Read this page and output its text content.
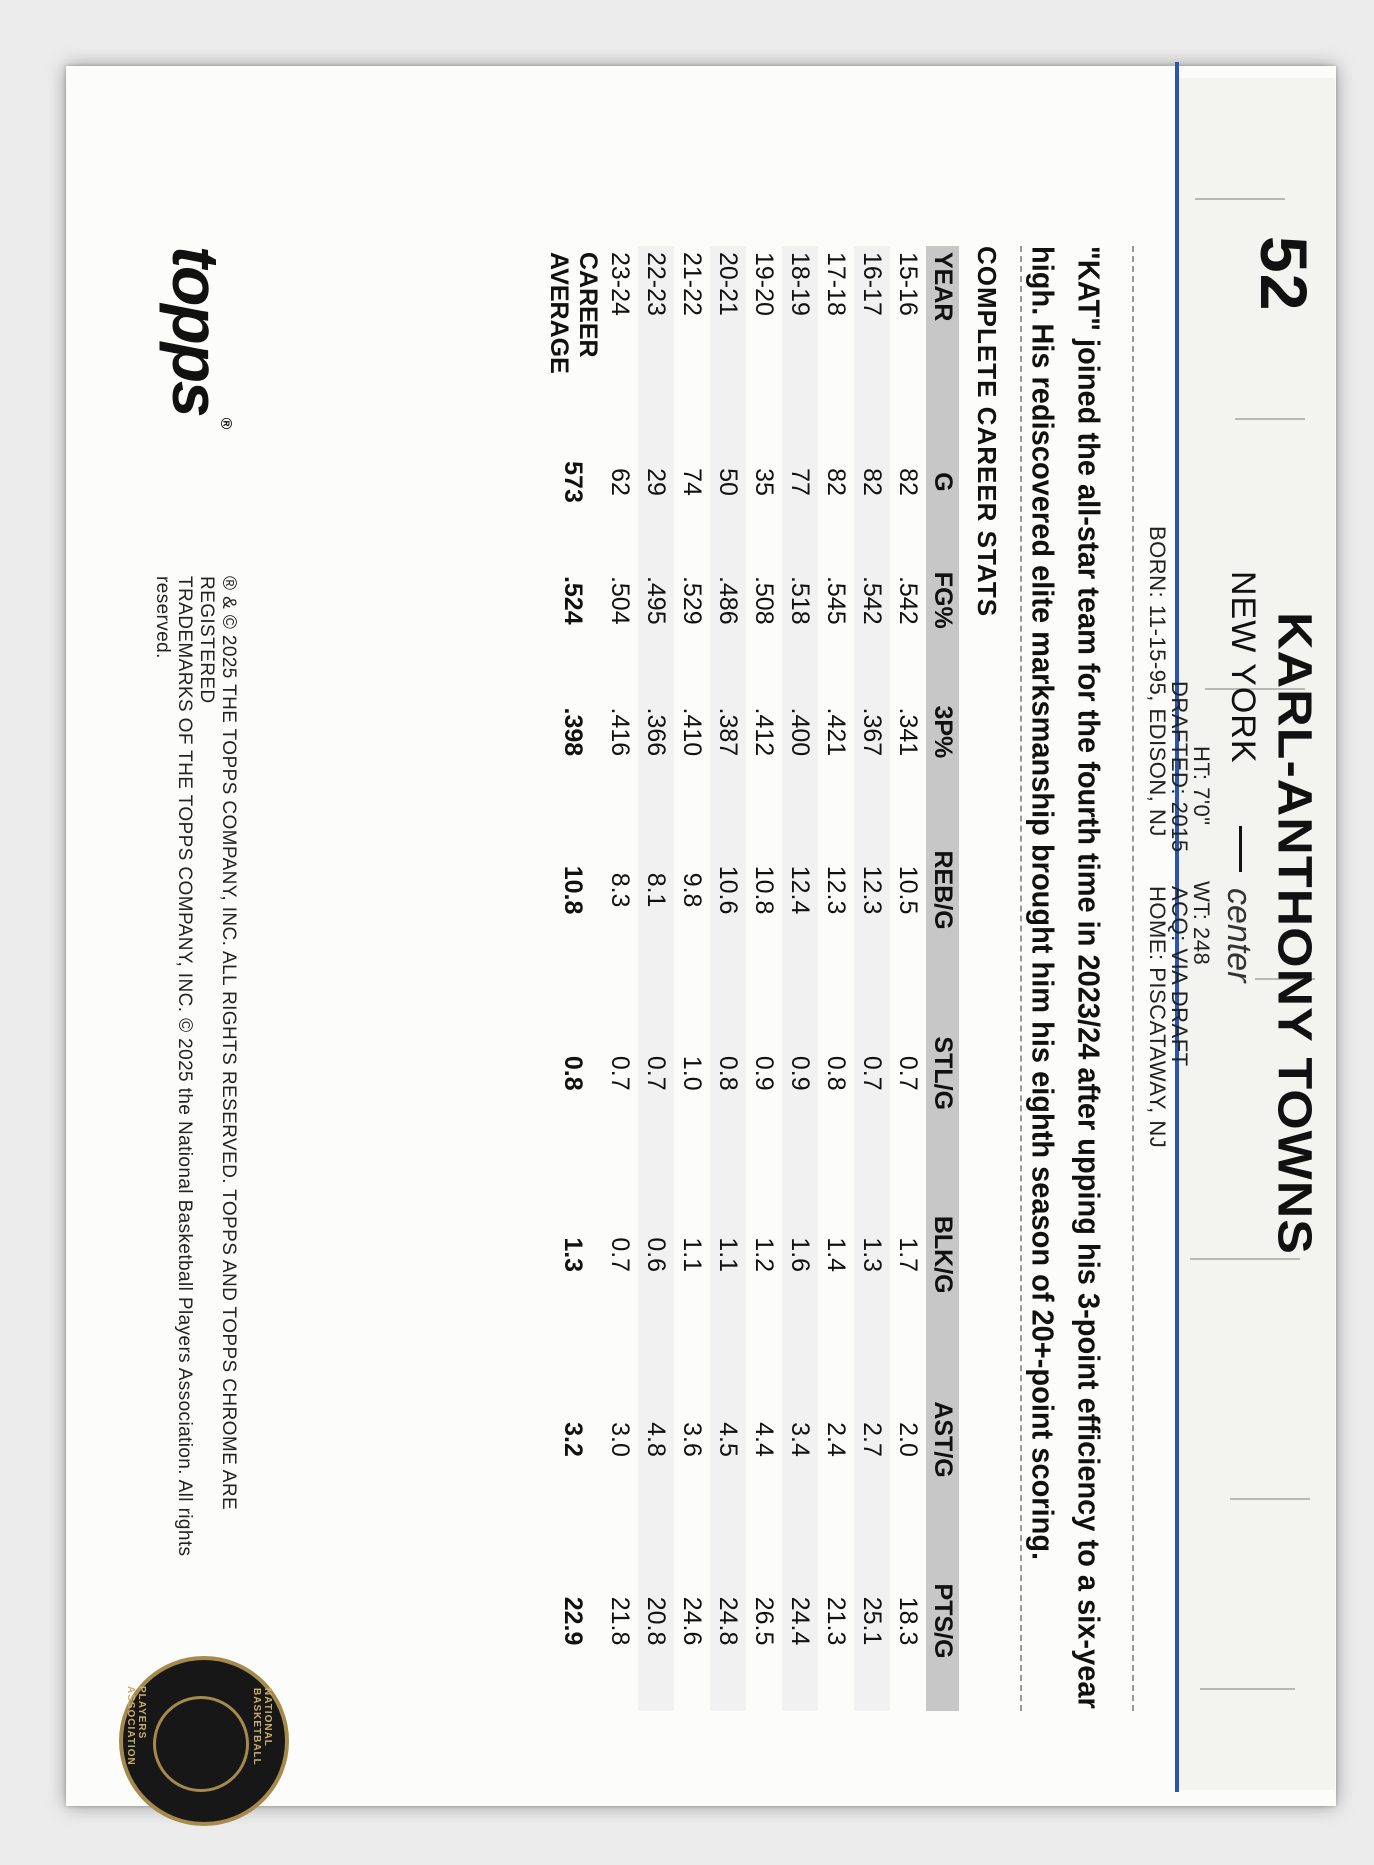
52
KARL-ANTHONY TOWNS
NEW YORK
center
HT: 7'0"
WT: 248
DRAFTED: 2015
ACQ: VIA DRAFT
BORN: 11-15-95, EDISON, NJ
HOME: PISCATAWAY, NJ
"KAT" joined the all-star team for the fourth time in 2023/24 after upping his 3-point efficiency to a six-year high. His rediscovered elite marksmanship brought him his eighth season of 20+-point scoring.
COMPLETE CAREER STATS
YEAR	G	FG%	3P%	REB/G	STL/G	BLK/G	AST/G	PTS/G
15-16	82	.542	.341	10.5	0.7	1.7	2.0	18.3
16-17	82	.542	.367	12.3	0.7	1.3	2.7	25.1
17-18	82	.545	.421	12.3	0.8	1.4	2.4	21.3
18-19	77	.518	.400	12.4	0.9	1.6	3.4	24.4
19-20	35	.508	.412	10.8	0.9	1.2	4.4	26.5
20-21	50	.486	.387	10.6	0.8	1.1	4.5	24.8
21-22	74	.529	.410	9.8	1.0	1.1	3.6	24.6
22-23	29	.495	.366	8.1	0.7	0.6	4.8	20.8
23-24	62	.504	.416	8.3	0.7	0.7	3.0	21.8
CAREER AVERAGE	573	.524	.398	10.8	0.8	1.3	3.2	22.9
topps®
® & © 2025 THE TOPPS COMPANY, INC. ALL RIGHTS RESERVED. TOPPS AND TOPPS CHROME ARE REGISTERED
TRADEMARKS OF THE TOPPS COMPANY, INC. © 2025 the National Basketball Players Association. All rights reserved.
NATIONAL BASKETBALL
PLAYERS ASSOCIATION
